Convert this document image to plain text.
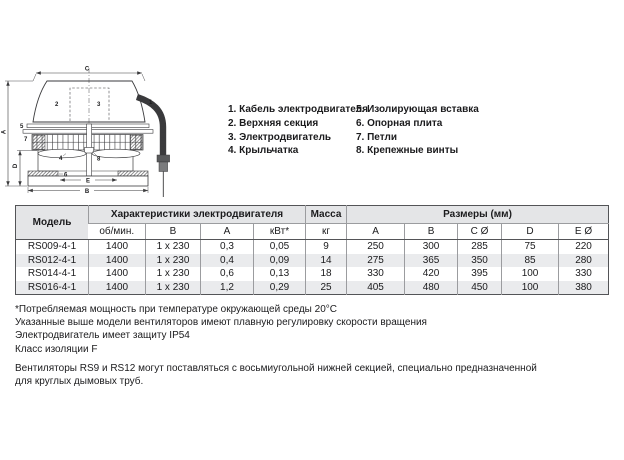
C
A
D
E
B
1
2	3
4
5
6
7
8
1. Кабель электродвигателя
2. Верхняя секция
3. Электродвигатель
4. Крыльчатка
5. Изолирующая вставка
6. Опорная плита
7. Петли
8. Крепежные винты
Модель	Характеристики электродвигателя				Масса	Размеры (мм)				
	об/мин.	В	А	кВт*	кг	A	B	C Ø	D	E Ø
RS009-4-1	1400	1 x 230	0,3	0,05	9	250	300	285	75	220
RS012-4-1	1400	1 x 230	0,4	0,09	14	275	365	350	85	280
RS014-4-1	1400	1 x 230	0,6	0,13	18	330	420	395	100	330
RS016-4-1	1400	1 x 230	1,2	0,29	25	405	480	450	100	380
*Потребляемая мощность при температуре окружающей среды 20°C
Указанные выше модели вентиляторов имеют плавную регулировку скорости вращения
Электродвигатель имеет защиту IP54
Класс изоляции F
Вентиляторы RS9 и RS12 могут поставляться с восьмиугольной нижней секцией, специально предназначенной
для круглых дымовых труб.
